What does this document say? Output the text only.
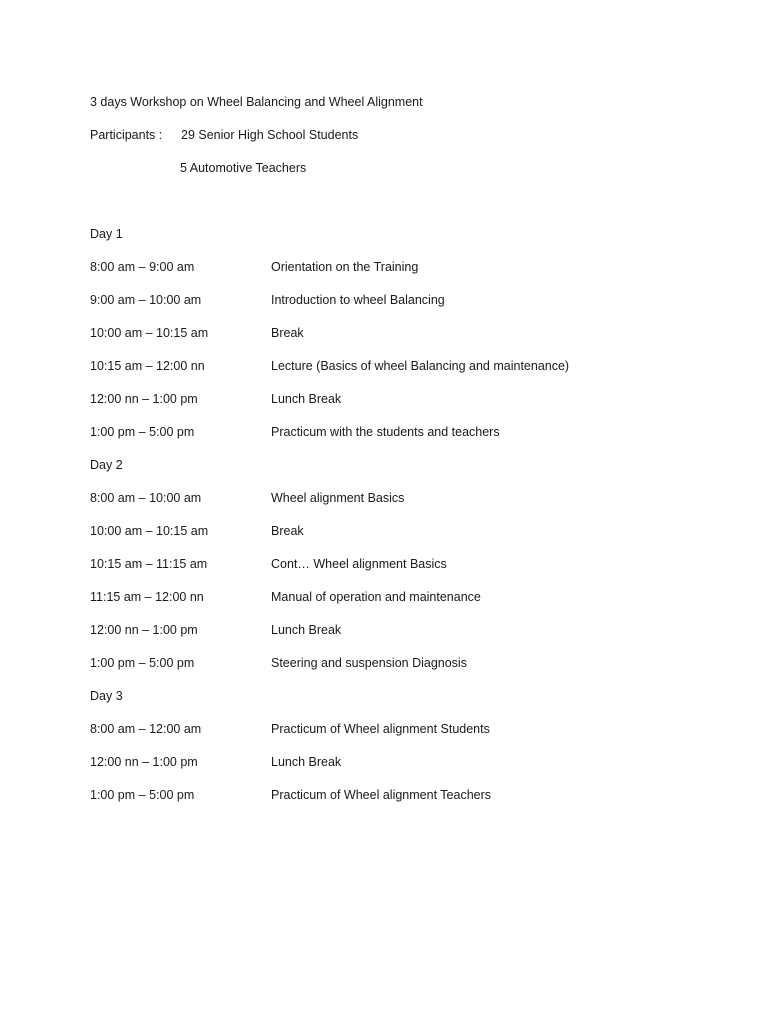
3 days Workshop on Wheel Balancing and Wheel Alignment
Participants : 29 Senior High School Students
5 Automotive Teachers
Day 1
8:00 am – 9:00 am	Orientation on the Training
9:00 am – 10:00 am	Introduction to wheel Balancing
10:00 am – 10:15 am	Break
10:15 am – 12:00 nn	Lecture (Basics of wheel Balancing and maintenance)
12:00 nn – 1:00 pm	Lunch Break
1:00 pm – 5:00 pm	Practicum with the students and teachers
Day 2
8:00 am – 10:00 am	Wheel alignment Basics
10:00 am – 10:15 am	Break
10:15 am – 11:15 am	Cont… Wheel alignment Basics
11:15 am – 12:00 nn	Manual of operation and maintenance
12:00 nn – 1:00 pm	Lunch Break
1:00 pm – 5:00 pm	Steering and suspension Diagnosis
Day 3
8:00 am – 12:00 am	Practicum of Wheel alignment Students
12:00 nn – 1:00 pm	Lunch Break
1:00 pm – 5:00 pm	Practicum of Wheel alignment Teachers
